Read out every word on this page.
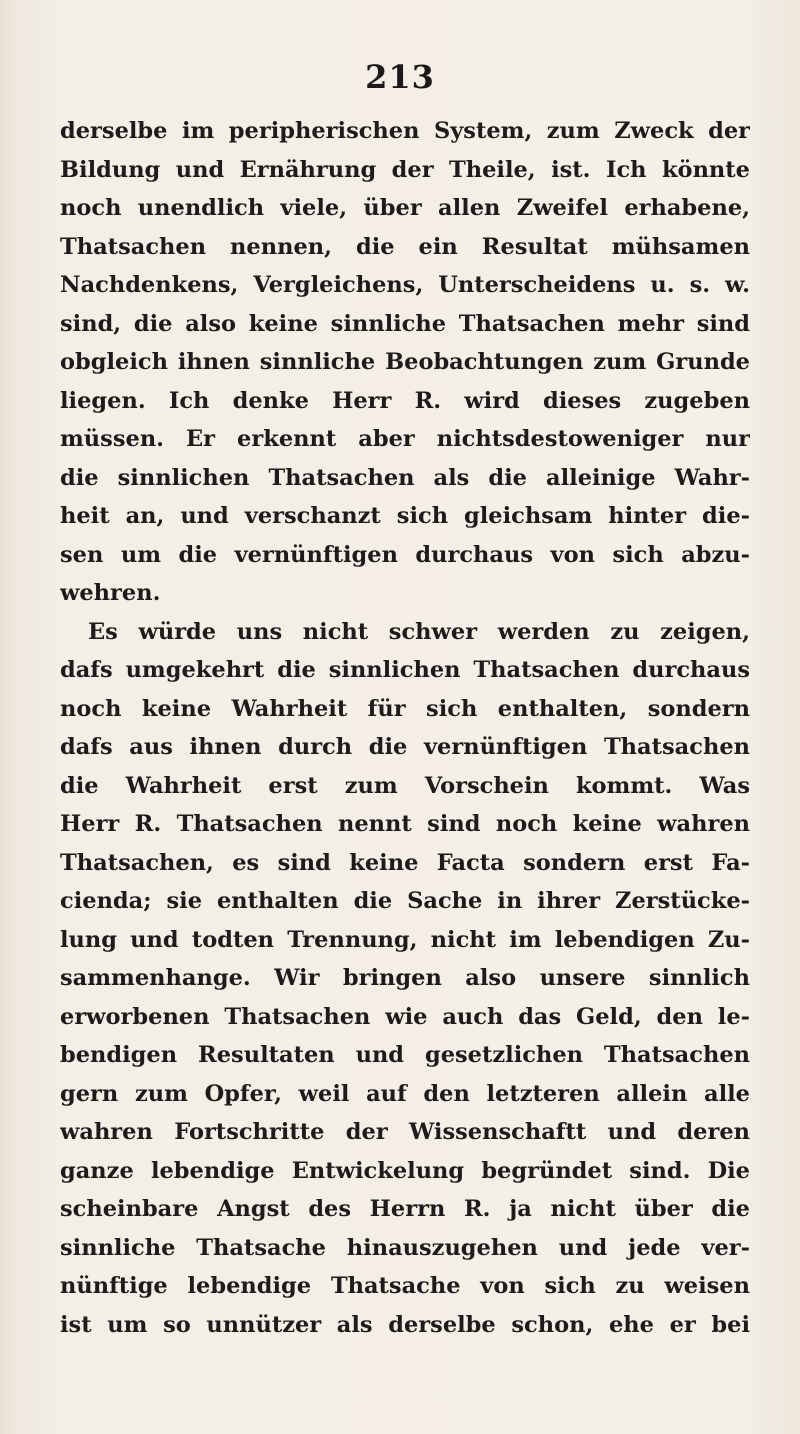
213
derselbe im peripherischen System, zum Zweck der
Bildung und Ernährung der Theile, ist. Ich könnte
noch unendlich viele, über allen Zweifel erhabene,
Thatsachen nennen, die ein Resultat mühsamen
Nachdenkens, Vergleichens, Unterscheidens u. s. w.
sind, die also keine sinnliche Thatsachen mehr sind
obgleich ihnen sinnliche Beobachtungen zum Grunde
liegen. Ich denke Herr R. wird dieses zugeben
müssen. Er erkennt aber nichtsdestoweniger nur
die sinnlichen Thatsachen als die alleinige Wahr-
heit an, und verschanzt sich gleichsam hinter die-
sen um die vernünftigen durchaus von sich abzu-
wehren.
Es würde uns nicht schwer werden zu zeigen,
dafs umgekehrt die sinnlichen Thatsachen durchaus
noch keine Wahrheit für sich enthalten, sondern
dafs aus ihnen durch die vernünftigen Thatsachen
die Wahrheit erst zum Vorschein kommt. Was
Herr R. Thatsachen nennt sind noch keine wahren
Thatsachen, es sind keine Facta sondern erst Fa-
cienda; sie enthalten die Sache in ihrer Zerstücke-
lung und todten Trennung, nicht im lebendigen Zu-
sammenhange. Wir bringen also unsere sinnlich
erworbenen Thatsachen wie auch das Geld, den le-
bendigen Resultaten und gesetzlichen Thatsachen
gern zum Opfer, weil auf den letzteren allein alle
wahren Fortschritte der Wissenschaftt und deren
ganze lebendige Entwickelung begründet sind. Die
scheinbare Angst des Herrn R. ja nicht über die
sinnliche Thatsache hinauszugehen und jede ver-
nünftige lebendige Thatsache von sich zu weisen
ist um so unnützer als derselbe schon, ehe er bei
